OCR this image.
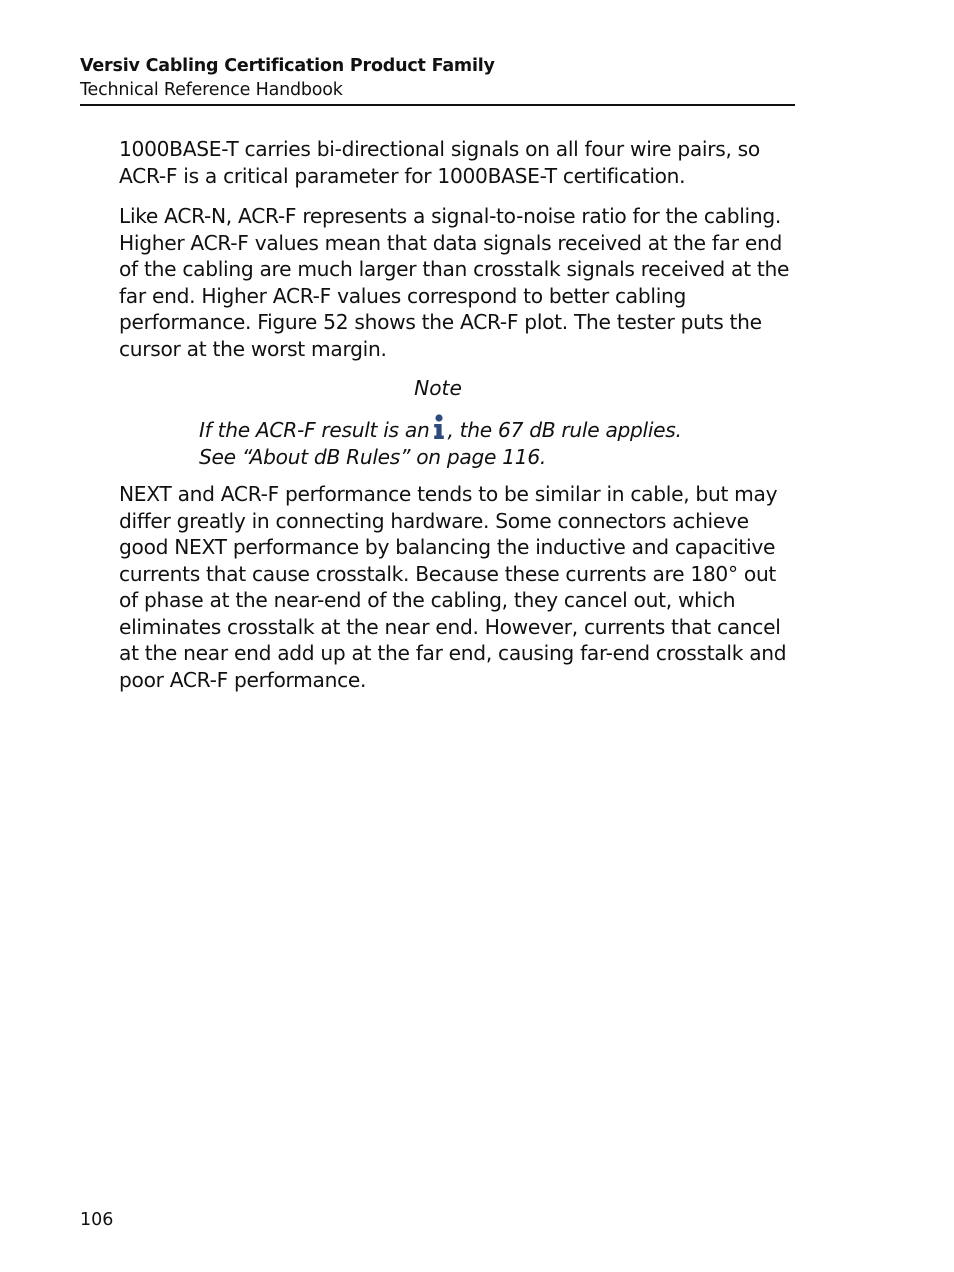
Versiv Cabling Certification Product Family
Technical Reference Handbook

1000BASE-T carries bi-directional signals on all four wire pairs, so ACR-F is a critical parameter for 1000BASE-T certification.

Like ACR-N, ACR-F represents a signal-to-noise ratio for the cabling. Higher ACR-F values mean that data signals received at the far end of the cabling are much larger than crosstalk signals received at the far end. Higher ACR-F values correspond to better cabling performance. Figure 52 shows the ACR-F plot. The tester puts the cursor at the worst margin.

Note
If the ACR-F result is an , the 67 dB rule applies.
See “About dB Rules” on page 116.

NEXT and ACR-F performance tends to be similar in cable, but may differ greatly in connecting hardware. Some connectors achieve good NEXT performance by balancing the inductive and capacitive currents that cause crosstalk. Because these currents are 180° out of phase at the near-end of the cabling, they cancel out, which eliminates crosstalk at the near end. However, currents that cancel at the near end add up at the far end, causing far-end crosstalk and poor ACR-F performance.

106
